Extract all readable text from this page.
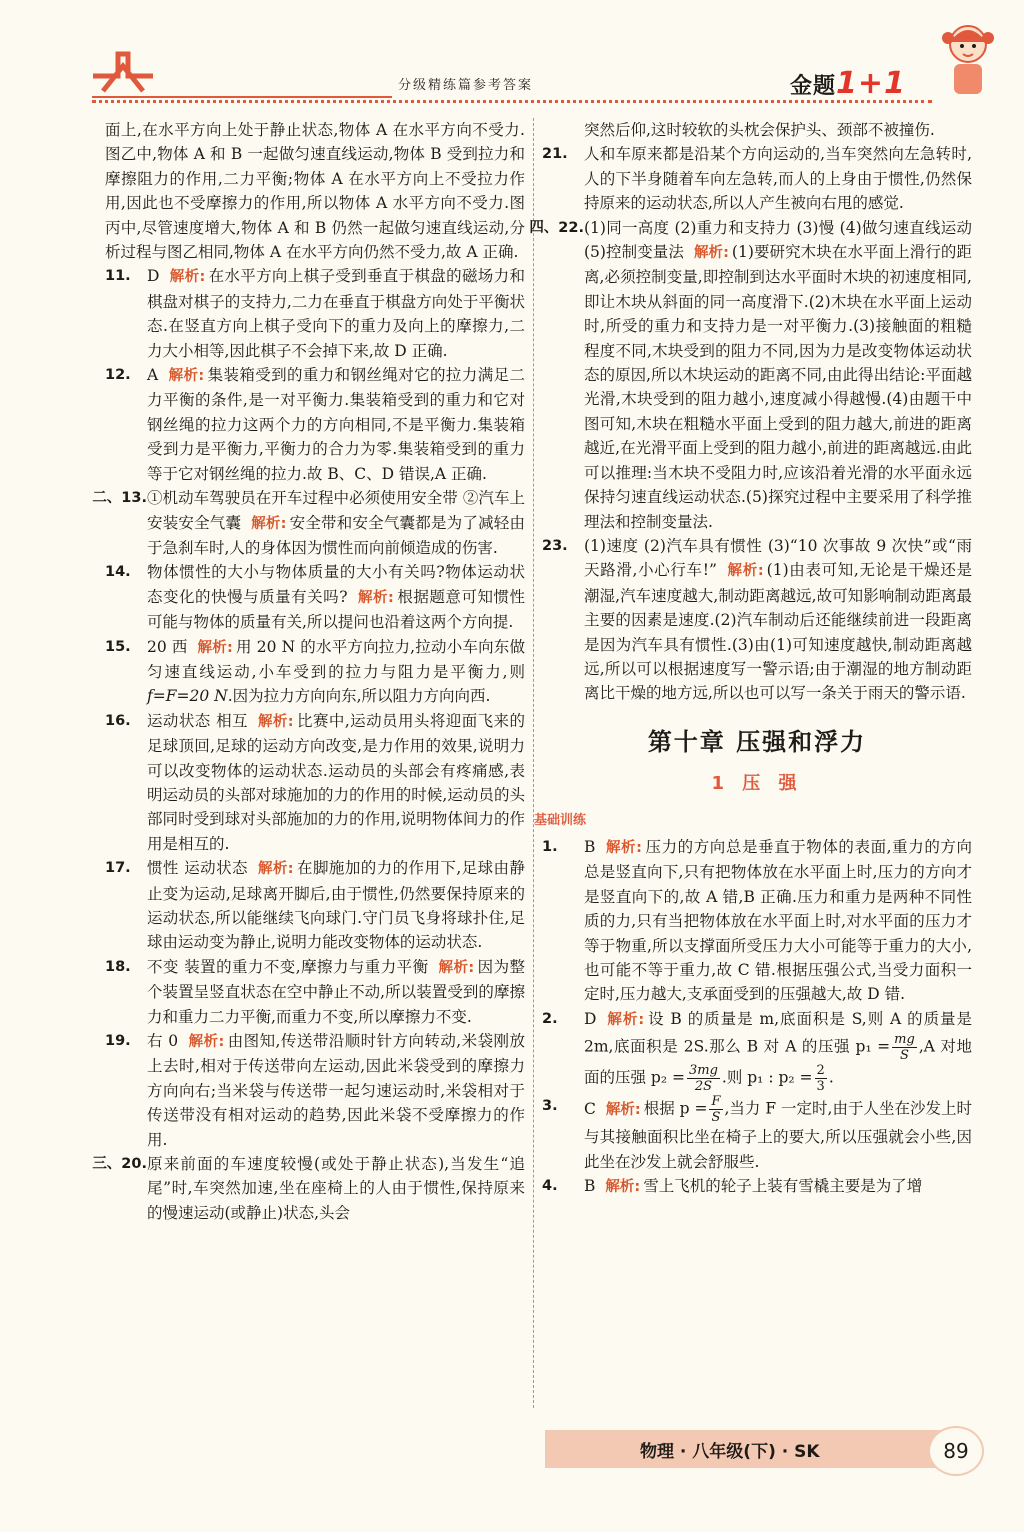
分级精练篇参考答案	金题1+1

面上,在水平方向上处于静止状态,物体 A 在水平方向不受力.图乙中,物体 A 和 B 一起做匀速直线运动,物体 B 受到拉力和摩擦阻力的作用,二力平衡;物体 A 在水平方向上不受拉力作用,因此也不受摩擦力的作用,所以物体 A 水平方向不受力.图丙中,尽管速度增大,物体 A 和 B 仍然一起做匀速直线运动,分析过程与图乙相同,物体 A 在水平方向仍然不受力,故 A 正确.

11. D 解析: 在水平方向上棋子受到垂直于棋盘的磁场力和棋盘对棋子的支持力,二力在垂直于棋盘方向处于平衡状态.在竖直方向上棋子受向下的重力及向上的摩擦力,二力大小相等,因此棋子不会掉下来,故 D 正确.

12. A 解析: 集装箱受到的重力和钢丝绳对它的拉力满足二力平衡的条件,是一对平衡力.集装箱受到的重力和它对钢丝绳的拉力这两个力的方向相同,不是平衡力.集装箱受到力是平衡力,平衡力的合力为零.集装箱受到的重力等于它对钢丝绳的拉力.故 B、C、D 错误,A 正确.

二、13. ①机动车驾驶员在开车过程中必须使用安全带 ②汽车上安装安全气囊 解析: 安全带和安全气囊都是为了减轻由于急刹车时,人的身体因为惯性而向前倾造成的伤害.

14. 物体惯性的大小与物体质量的大小有关吗?物体运动状态变化的快慢与质量有关吗? 解析: 根据题意可知惯性可能与物体的质量有关,所以提问也沿着这两个方向提.

15. 20 西 解析: 用 20 N 的水平方向拉力,拉动小车向东做匀速直线运动,小车受到的拉力与阻力是平衡力,则 f=F=20 N.因为拉力方向向东,所以阻力方向向西.

16. 运动状态 相互 解析: 比赛中,运动员用头将迎面飞来的足球顶回,足球的运动方向改变,是力作用的效果,说明力可以改变物体的运动状态.运动员的头部会有疼痛感,表明运动员的头部对球施加的力的作用的时候,运动员的头部同时受到球对头部施加的力的作用,说明物体间力的作用是相互的.

17. 惯性 运动状态 解析: 在脚施加的力的作用下,足球由静止变为运动,足球离开脚后,由于惯性,仍然要保持原来的运动状态,所以能继续飞向球门.守门员飞身将球扑住,足球由运动变为静止,说明力能改变物体的运动状态.

18. 不变 装置的重力不变,摩擦力与重力平衡 解析: 因为整个装置呈竖直状态在空中静止不动,所以装置受到的摩擦力和重力二力平衡,而重力不变,所以摩擦力不变.

19. 右 0 解析: 由图知,传送带沿顺时针方向转动,米袋刚放上去时,相对于传送带向左运动,因此米袋受到的摩擦力方向向右;当米袋与传送带一起匀速运动时,米袋相对于传送带没有相对运动的趋势,因此米袋不受摩擦力的作用.

三、20. 原来前面的车速度较慢(或处于静止状态),当发生“追尾”时,车突然加速,坐在座椅上的人由于惯性,保持原来的慢速运动(或静止)状态,头会

突然后仰,这时较软的头枕会保护头、颈部不被撞伤.

21. 人和车原来都是沿某个方向运动的,当车突然向左急转时,人的下半身随着车向左急转,而人的上身由于惯性,仍然保持原来的运动状态,所以人产生被向右甩的感觉.

四、22. (1)同一高度 (2)重力和支持力 (3)慢 (4)做匀速直线运动 (5)控制变量法 解析: (1)要研究木块在水平面上滑行的距离,必须控制变量,即控制到达水平面时木块的初速度相同,即让木块从斜面的同一高度滑下.(2)木块在水平面上运动时,所受的重力和支持力是一对平衡力.(3)接触面的粗糙程度不同,木块受到的阻力不同,因为力是改变物体运动状态的原因,所以木块运动的距离不同,由此得出结论:平面越光滑,木块受到的阻力越小,速度减小得越慢.(4)由题干中图可知,木块在粗糙水平面上受到的阻力越大,前进的距离越近,在光滑平面上受到的阻力越小,前进的距离越远.由此可以推理:当木块不受阻力时,应该沿着光滑的水平面永远保持匀速直线运动状态.(5)探究过程中主要采用了科学推理法和控制变量法.

23. (1)速度 (2)汽车具有惯性 (3)“10 次事故 9 次快”或“雨天路滑,小心行车!” 解析: (1)由表可知,无论是干燥还是潮湿,汽车速度越大,制动距离越远,故可知影响制动距离最主要的因素是速度.(2)汽车制动后还能继续前进一段距离是因为汽车具有惯性.(3)由(1)可知速度越快,制动距离越远,所以可以根据速度写一警示语;由于潮湿的地方制动距离比干燥的地方远,所以也可以写一条关于雨天的警示语.

第十章 压强和浮力
1 压 强
基础训练

1. B 解析: 压力的方向总是垂直于物体的表面,重力的方向总是竖直向下,只有把物体放在水平面上时,压力的方向才是竖直向下的,故 A 错,B 正确.压力和重力是两种不同性质的力,只有当把物体放在水平面上时,对水平面的压力才等于物重,所以支撑面所受压力大小可能等于重力的大小,也可能不等于重力,故 C 错.根据压强公式,当受力面积一定时,压力越大,支承面受到的压强越大,故 D 错.

2. D 解析: 设 B 的质量是 m,底面积是 S,则 A 的质量是 2m,底面积是 2S.那么 B 对 A 的压强 $p_1 = \frac{mg}{S} ,A$ 对地面的压强 $p_2 = \frac{3mg}{2S}$ .则 p₁ : $p_2 = \frac{2}{3}$ .

3. C 解析: 根据 $p = \frac{F}{S}$ ,当力 F 一定时,由于人坐在沙发上时与其接触面积比坐在椅子上的要大,所以压强就会小些,因此坐在沙发上就会舒服些.

4. B 解析: 雪上飞机的轮子上装有雪橇主要是为了增

物理 · 八年级(下) · SK	89
